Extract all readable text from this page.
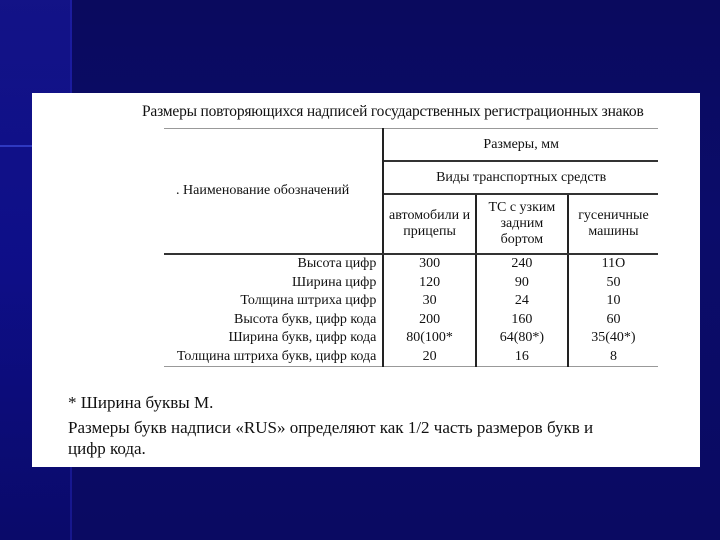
Размеры повторяющихся надписей государственных регистрационных знаков
. Наименование обозначений	Размеры, мм		
	Виды транспортных средств		
	автомобили и прицепы	ТС с узким задним бортом	гусеничные машины
Высота цифр	300	240	11О
Ширина цифр	120	90	50
Толщина штриха цифр	30	24	10
Высота букв, цифр кода	200	160	60
Ширина букв, цифр кода	80(100*	64(80*)	35(40*)
Толщина штриха букв, цифр кода	20	16	8
* Ширина буквы М.
Размеры букв надписи «RUS» определяют как 1/2 часть размеров букв и цифр кода.
